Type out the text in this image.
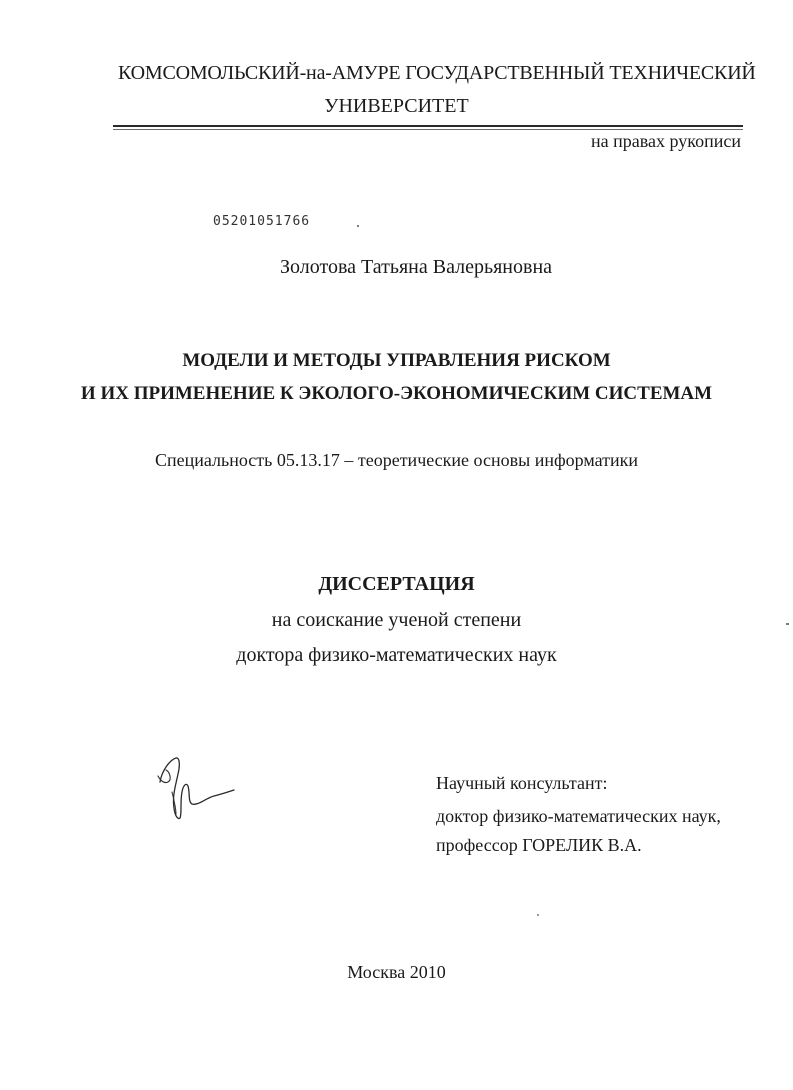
КОМСОМОЛЬСКИЙ-на-АМУРЕ ГОСУДАРСТВЕННЫЙ ТЕХНИЧЕСКИЙ
УНИВЕРСИТЕТ
на правах рукописи
05201051766
Золотова Татьяна Валерьяновна
МОДЕЛИ И МЕТОДЫ УПРАВЛЕНИЯ РИСКОМ
И ИХ ПРИМЕНЕНИЕ К ЭКОЛОГО-ЭКОНОМИЧЕСКИМ СИСТЕМАМ
Специальность 05.13.17 – теоретические основы информатики
ДИССЕРТАЦИЯ
на соискание ученой степени
доктора физико-математических наук
Научный консультант:
доктор физико-математических наук,
профессор ГОРЕЛИК В.А.
Москва 2010
